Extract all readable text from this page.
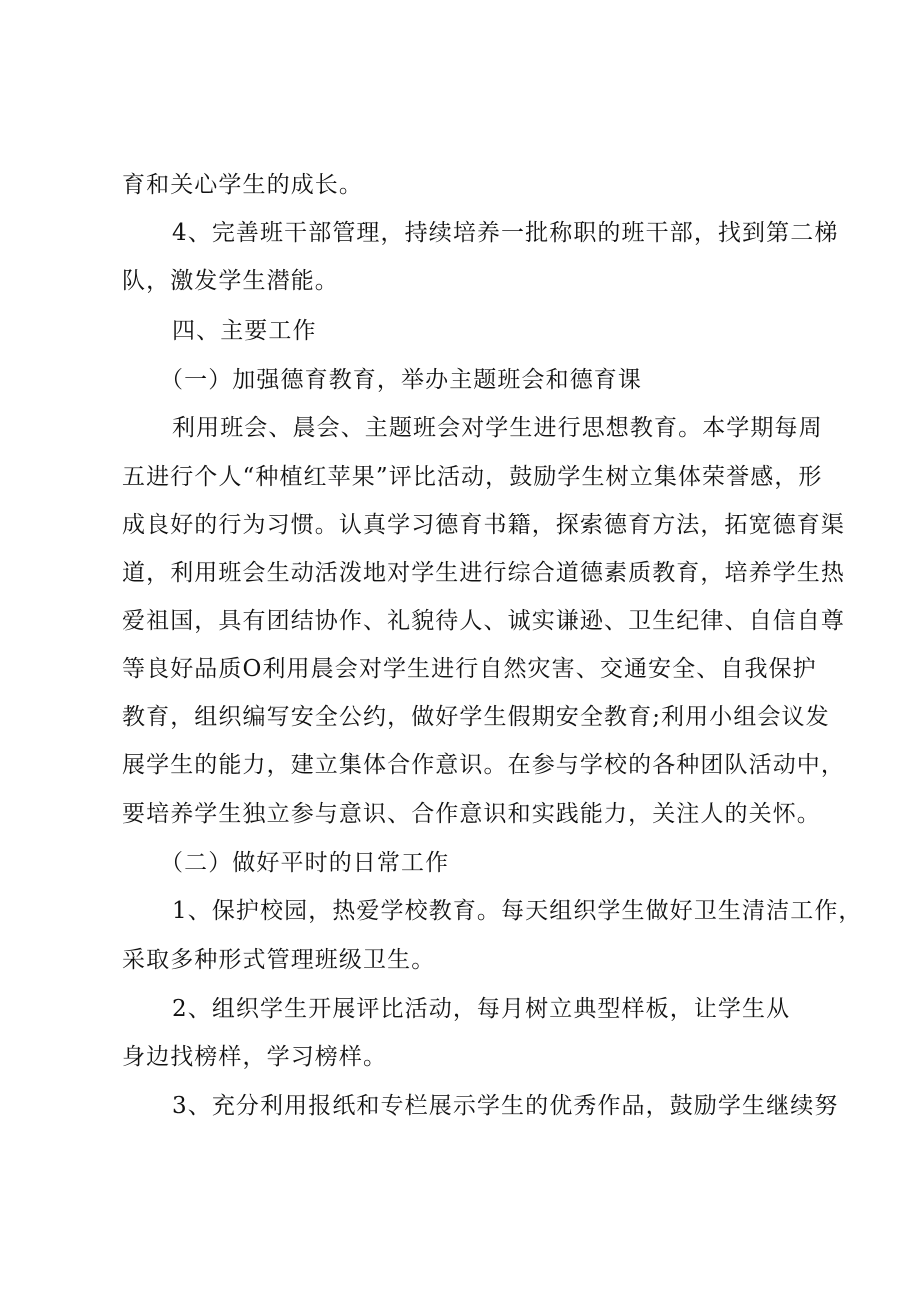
育和关心学生的成长。

4、完善班干部管理，持续培养一批称职的班干部，找到第二梯

队，激发学生潜能。

四、主要工作

（一）加强德育教育，举办主题班会和德育课

利用班会、晨会、主题班会对学生进行思想教育。本学期每周

五进行个人“种植红苹果”评比活动，鼓励学生树立集体荣誉感，形

成良好的行为习惯。认真学习德育书籍，探索德育方法，拓宽德育渠

道，利用班会生动活泼地对学生进行综合道德素质教育，培养学生热

爱祖国，具有团结协作、礼貌待人、诚实谦逊、卫生纪律、自信自尊

等良好品质O利用晨会对学生进行自然灾害、交通安全、自我保护

教育，组织编写安全公约，做好学生假期安全教育;利用小组会议发

展学生的能力，建立集体合作意识。在参与学校的各种团队活动中，

要培养学生独立参与意识、合作意识和实践能力，关注人的关怀。

（二）做好平时的日常工作

1、保护校园，热爱学校教育。每天组织学生做好卫生清洁工作，

采取多种形式管理班级卫生。

2、组织学生开展评比活动，每月树立典型样板，让学生从

身边找榜样，学习榜样。

3、充分利用报纸和专栏展示学生的优秀作品，鼓励学生继续努
